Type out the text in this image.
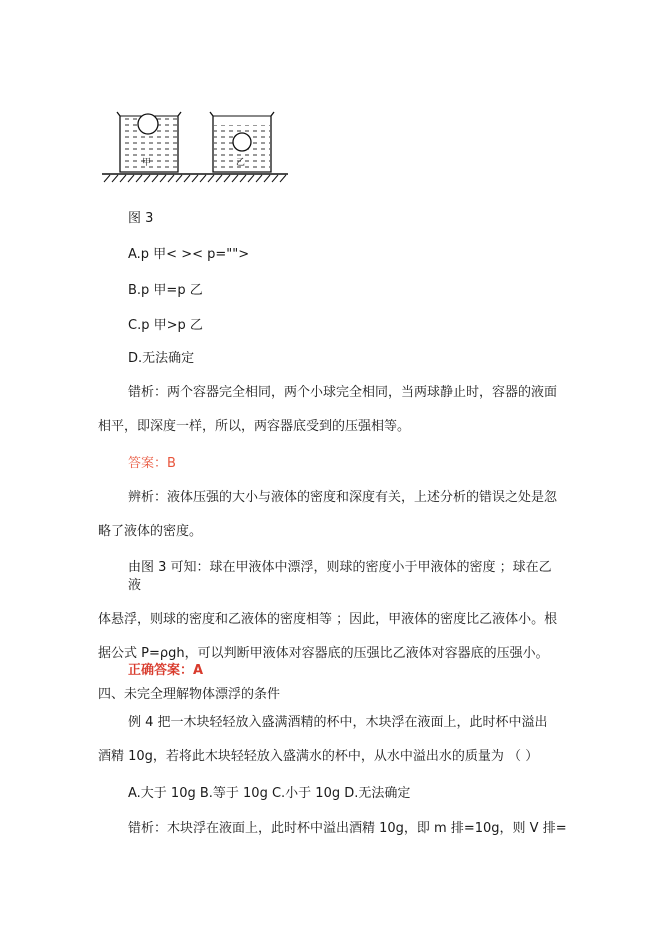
甲	乙
图 3
A.p 甲< >< p="">
B.p 甲=p 乙
C.p 甲>p 乙
D.无法确定
错析：两个容器完全相同，两个小球完全相同，当两球静止时，容器的液面
相平，即深度一样，所以，两容器底受到的压强相等。
答案：B
辨析：液体压强的大小与液体的密度和深度有关，上述分析的错误之处是忽
略了液体的密度。
由图 3 可知：球在甲液体中漂浮，则球的密度小于甲液体的密度 ；球在乙液
体悬浮，则球的密度和乙液体的密度相等 ；因此，甲液体的密度比乙液体小。根
据公式 P=ρgh，可以判断甲液体对容器底的压强比乙液体对容器底的压强小。
正确答案：A
四、未完全理解物体漂浮的条件
例 4 把一木块轻轻放入盛满酒精的杯中，木块浮在液面上，此时杯中溢出
酒精 10g，若将此木块轻轻放入盛满水的杯中，从水中溢出水的质量为 （ ）
A.大于 10g B.等于 10g C.小于 10g D.无法确定
错析：木块浮在液面上，此时杯中溢出酒精 10g，即 m 排=10g，则 V 排=
